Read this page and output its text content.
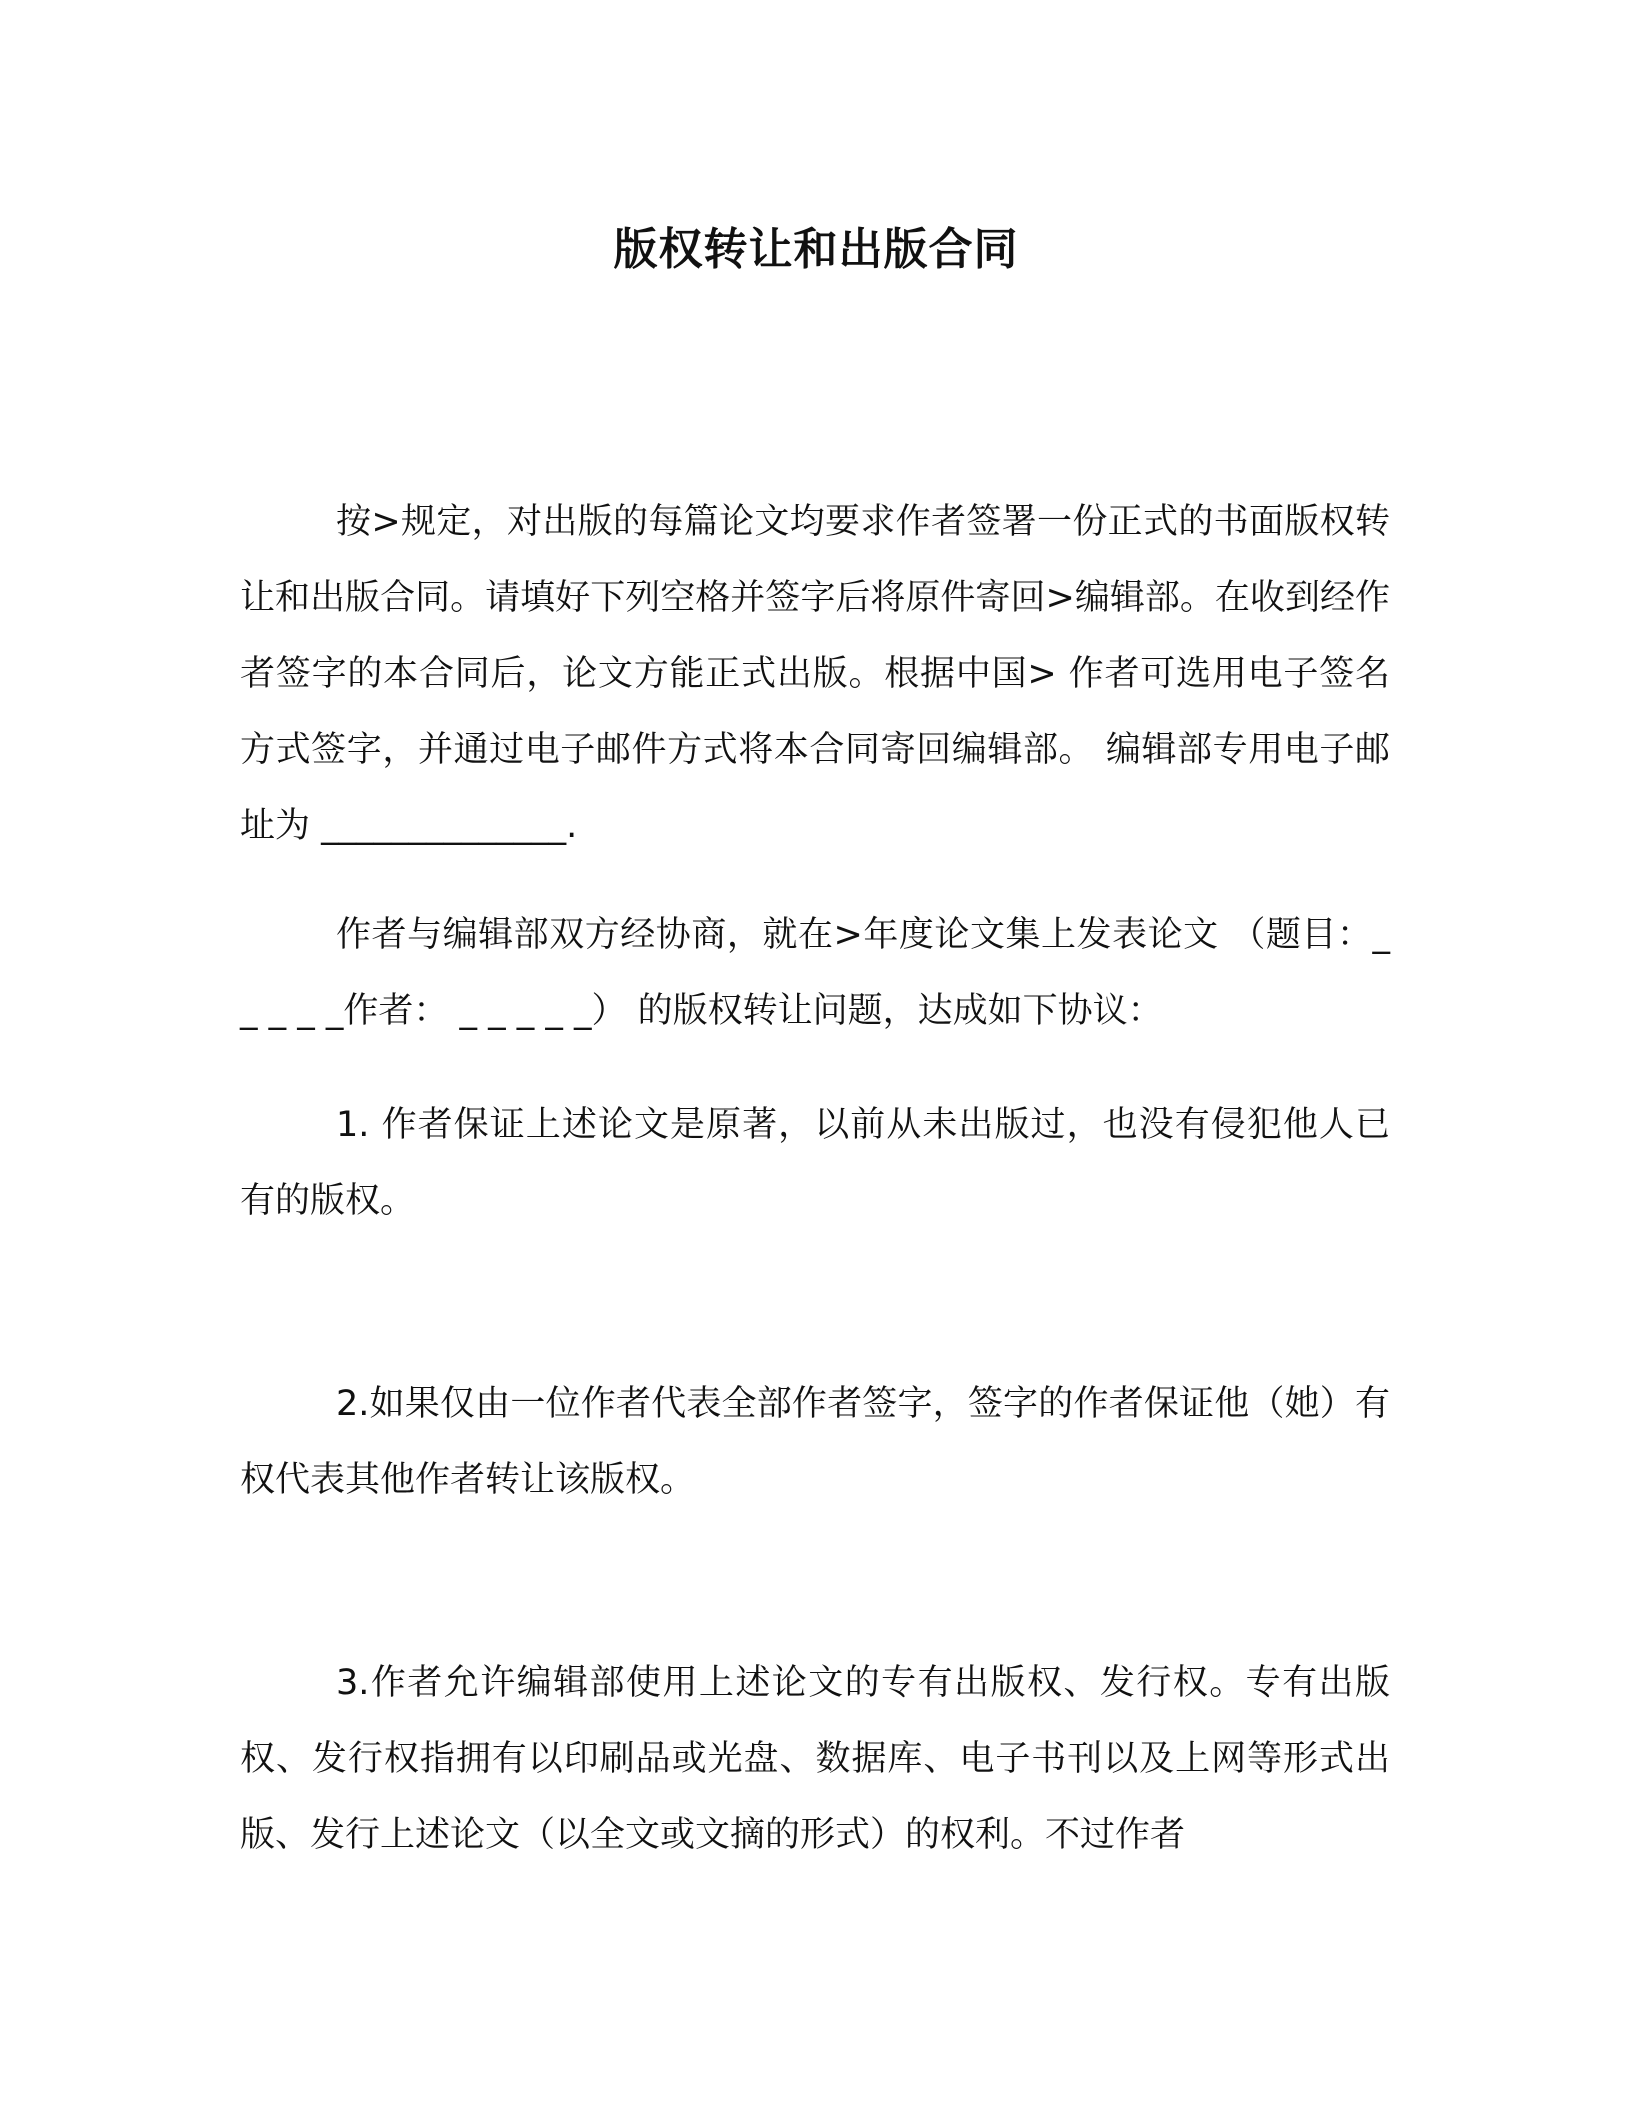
版权转让和出版合同

按>规定，对出版的每篇论文均要求作者签署一份正式的书面版权转让和出版合同。请填好下列空格并签字后将原件寄回>编辑部。在收到经作者签字的本合同后，论文方能正式出版。根据中国> 作者可选用电子签名方式签字，并通过电子邮件方式将本合同寄回编辑部。 编辑部专用电子邮址为 ______________.

作者与编辑部双方经协商，就在>年度论文集上发表论文 （题目：_ _ _ _ _作者： _ _ _ _ _） 的版权转让问题，达成如下协议：

1. 作者保证上述论文是原著，以前从未出版过，也没有侵犯他人已有的版权。

2.如果仅由一位作者代表全部作者签字，签字的作者保证他（她）有权代表其他作者转让该版权。

3.作者允许编辑部使用上述论文的专有出版权、发行权。专有出版权、发行权指拥有以印刷品或光盘、数据库、电子书刊以及上网等形式出版、发行上述论文（以全文或文摘的形式）的权利。不过作者
